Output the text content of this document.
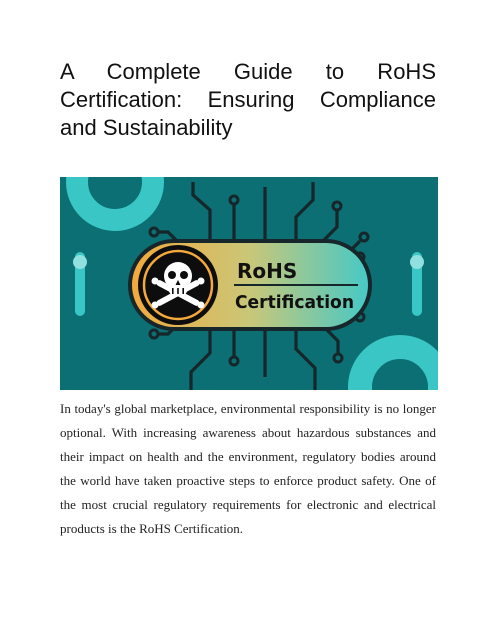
A Complete Guide to RoHS Certification: Ensuring Compliance and Sustainability
RoHS
Certification

In today's global marketplace, environmental responsibility is no longer optional. With increasing awareness about hazardous substances and their impact on health and the environment, regulatory bodies around the world have taken proactive steps to enforce product safety. One of the most crucial regulatory requirements for electronic and electrical products is the RoHS Certification.
